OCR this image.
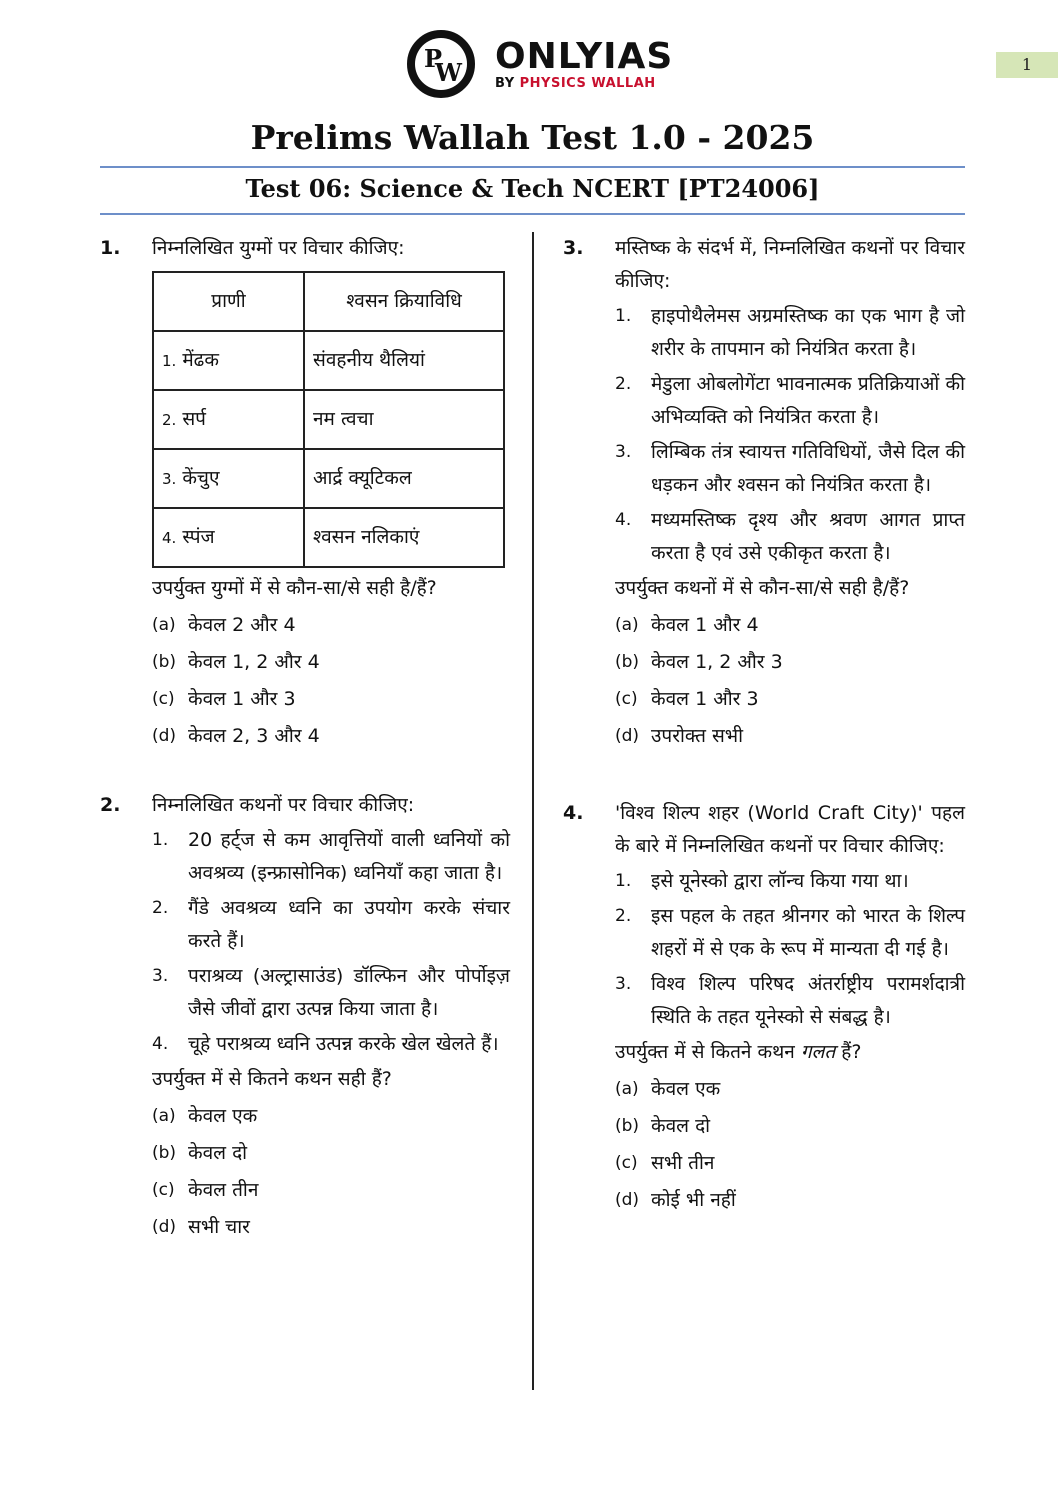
1
P
W ONLYIAS
BY PHYSICS WALLAH
Prelims Wallah Test 1.0 - 2025
Test 06: Science & Tech NCERT [PT24006]
1. निम्नलिखित युग्मों पर विचार कीजिए:
प्राणी	श्वसन क्रियाविधि
1. मेंढक	संवहनीय थैलियां
2. सर्प	नम त्वचा
3. केंचुए	आर्द्र क्यूटिकल
4. स्पंज	श्वसन नलिकाएं
उपर्युक्त युग्मों में से कौन-सा/से सही है/हैं?
(a) केवल 2 और 4
(b) केवल 1, 2 और 4
(c) केवल 1 और 3
(d) केवल 2, 3 और 4
2. निम्नलिखित कथनों पर विचार कीजिए:
1. 20 हर्ट्ज से कम आवृत्तियों वाली ध्वनियों को अवश्रव्य (इन्फ्रासोनिक) ध्वनियाँ कहा जाता है।
2. गैंडे अवश्रव्य ध्वनि का उपयोग करके संचार करते हैं।
3. पराश्रव्य (अल्ट्रासाउंड) डॉल्फिन और पोर्पोइज़ जैसे जीवों द्वारा उत्पन्न किया जाता है।
4. चूहे पराश्रव्य ध्वनि उत्पन्न करके खेल खेलते हैं।
उपर्युक्त में से कितने कथन सही हैं?
(a) केवल एक
(b) केवल दो
(c) केवल तीन
(d) सभी चार
3. मस्तिष्क के संदर्भ में, निम्नलिखित कथनों पर विचार कीजिए:
1. हाइपोथैलेमस अग्रमस्तिष्क का एक भाग है जो शरीर के तापमान को नियंत्रित करता है।
2. मेडुला ओबलोगेंटा भावनात्मक प्रतिक्रियाओं की अभिव्यक्ति को नियंत्रित करता है।
3. लिम्बिक तंत्र स्वायत्त गतिविधियों, जैसे दिल की धड़कन और श्वसन को नियंत्रित करता है।
4. मध्यमस्तिष्क दृश्य और श्रवण आगत प्राप्त करता है एवं उसे एकीकृत करता है।
उपर्युक्त कथनों में से कौन-सा/से सही है/हैं?
(a) केवल 1 और 4
(b) केवल 1, 2 और 3
(c) केवल 1 और 3
(d) उपरोक्त सभी
4. 'विश्व शिल्प शहर (World Craft City)' पहल के बारे में निम्नलिखित कथनों पर विचार कीजिए:
1. इसे यूनेस्को द्वारा लॉन्च किया गया था।
2. इस पहल के तहत श्रीनगर को भारत के शिल्प शहरों में से एक के रूप में मान्यता दी गई है।
3. विश्व शिल्प परिषद अंतर्राष्ट्रीय परामर्शदात्री स्थिति के तहत यूनेस्को से संबद्ध है।
उपर्युक्त में से कितने कथन गलत हैं?
(a) केवल एक
(b) केवल दो
(c) सभी तीन
(d) कोई भी नहीं
